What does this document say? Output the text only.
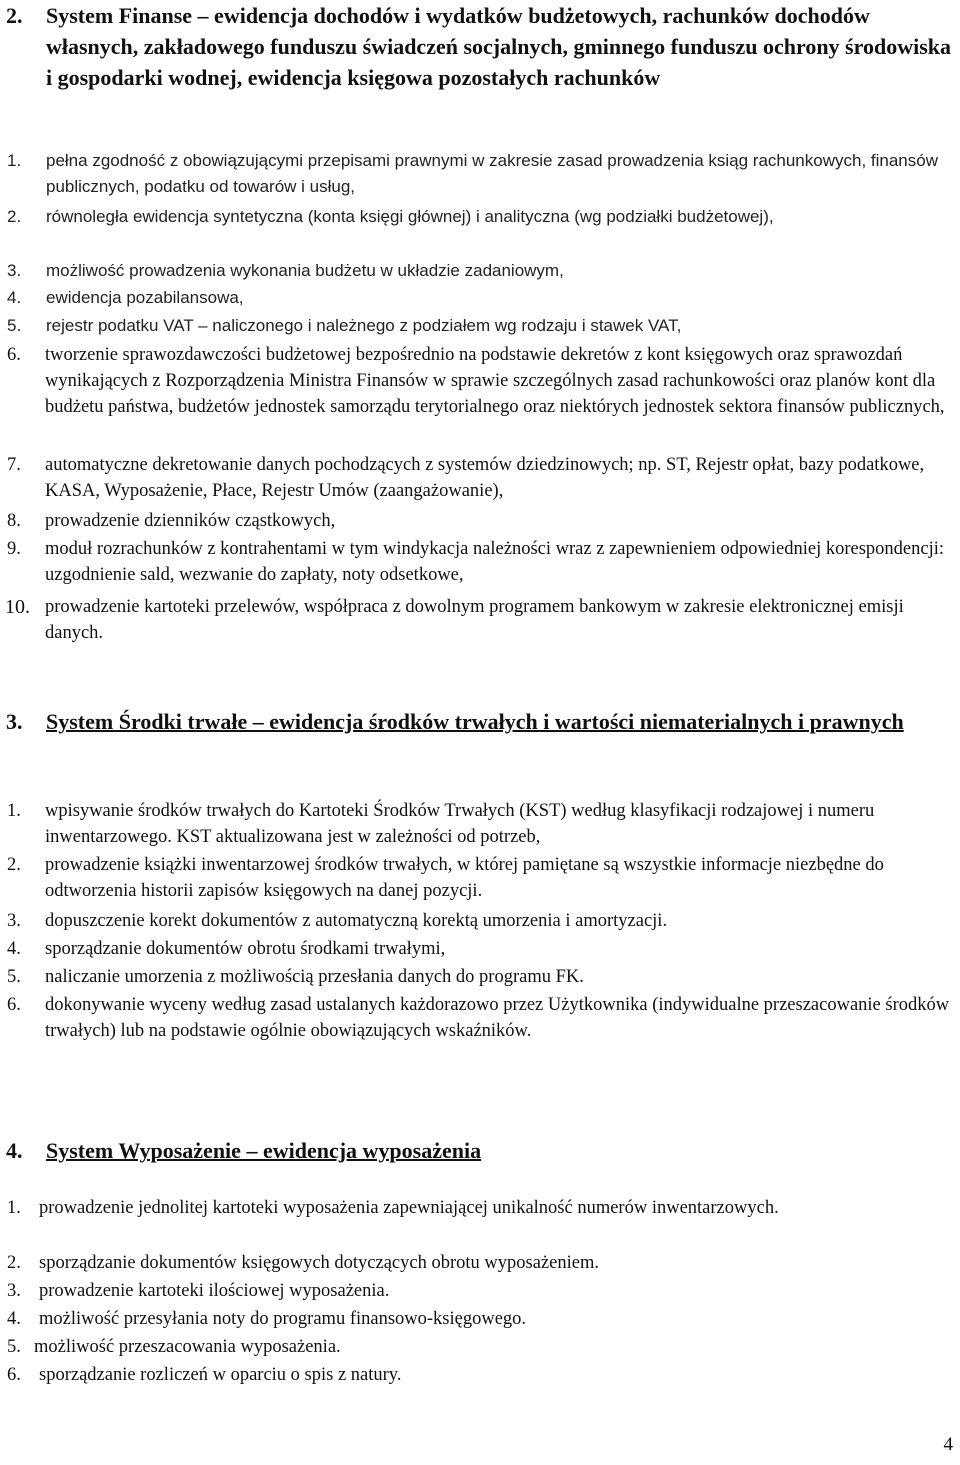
2. System Finanse – ewidencja dochodów i wydatków budżetowych, rachunków dochodów własnych, zakładowego funduszu świadczeń socjalnych, gminnego funduszu ochrony środowiska i gospodarki wodnej, ewidencja księgowa pozostałych rachunków
1. pełna zgodność z obowiązującymi przepisami prawnymi w zakresie zasad prowadzenia ksiąg rachunkowych, finansów publicznych, podatku od towarów i usług,
2. równoległa ewidencja syntetyczna (konta księgi głównej) i analityczna (wg podziałki budżetowej),
3. możliwość prowadzenia wykonania budżetu w układzie zadaniowym,
4. ewidencja pozabilansowa,
5. rejestr podatku VAT – naliczonego i należnego z podziałem wg rodzaju i stawek VAT,
6. tworzenie sprawozdawczości budżetowej bezpośrednio na podstawie dekretów z kont księgowych oraz sprawozdań wynikających z Rozporządzenia Ministra Finansów w sprawie szczególnych zasad rachunkowości oraz planów kont dla budżetu państwa, budżetów jednostek samorządu terytorialnego oraz niektórych jednostek sektora finansów publicznych,
7. automatyczne dekretowanie danych pochodzących z systemów dziedzinowych; np. ST, Rejestr opłat, bazy podatkowe, KASA, Wyposażenie, Płace, Rejestr Umów (zaangażowanie),
8. prowadzenie dzienników cząstkowych,
9. moduł rozrachunków z kontrahentami w tym windykacja należności wraz z zapewnieniem odpowiedniej korespondencji: uzgodnienie sald, wezwanie do zapłaty, noty odsetkowe,
10. prowadzenie kartoteki przelewów, współpraca z dowolnym programem bankowym w zakresie elektronicznej emisji danych.
3. System Środki trwałe – ewidencja środków trwałych i wartości niematerialnych i prawnych
1. wpisywanie środków trwałych do Kartoteki Środków Trwałych (KST) według klasyfikacji rodzajowej i numeru inwentarzowego. KST aktualizowana jest w zależności od potrzeb,
2. prowadzenie książki inwentarzowej środków trwałych, w której pamiętane są wszystkie informacje niezbędne do odtworzenia historii zapisów księgowych na danej pozycji.
3. dopuszczenie korekt dokumentów z automatyczną korektą umorzenia i amortyzacji.
4. sporządzanie dokumentów obrotu środkami trwałymi,
5. naliczanie umorzenia z możliwością przesłania danych do programu FK.
6. dokonywanie wyceny według zasad ustalanych każdorazowo przez Użytkownika (indywidualne przeszacowanie środków trwałych) lub na podstawie ogólnie obowiązujących wskaźników.
4. System Wyposażenie – ewidencja wyposażenia
1. prowadzenie jednolitej kartoteki wyposażenia zapewniającej unikalność numerów inwentarzowych.
2. sporządzanie dokumentów księgowych dotyczących obrotu wyposażeniem.
3. prowadzenie kartoteki ilościowej wyposażenia.
4. możliwość przesyłania noty do programu finansowo-księgowego.
5. możliwość przeszacowania wyposażenia.
6. sporządzanie rozliczeń w oparciu o spis z natury.
4
